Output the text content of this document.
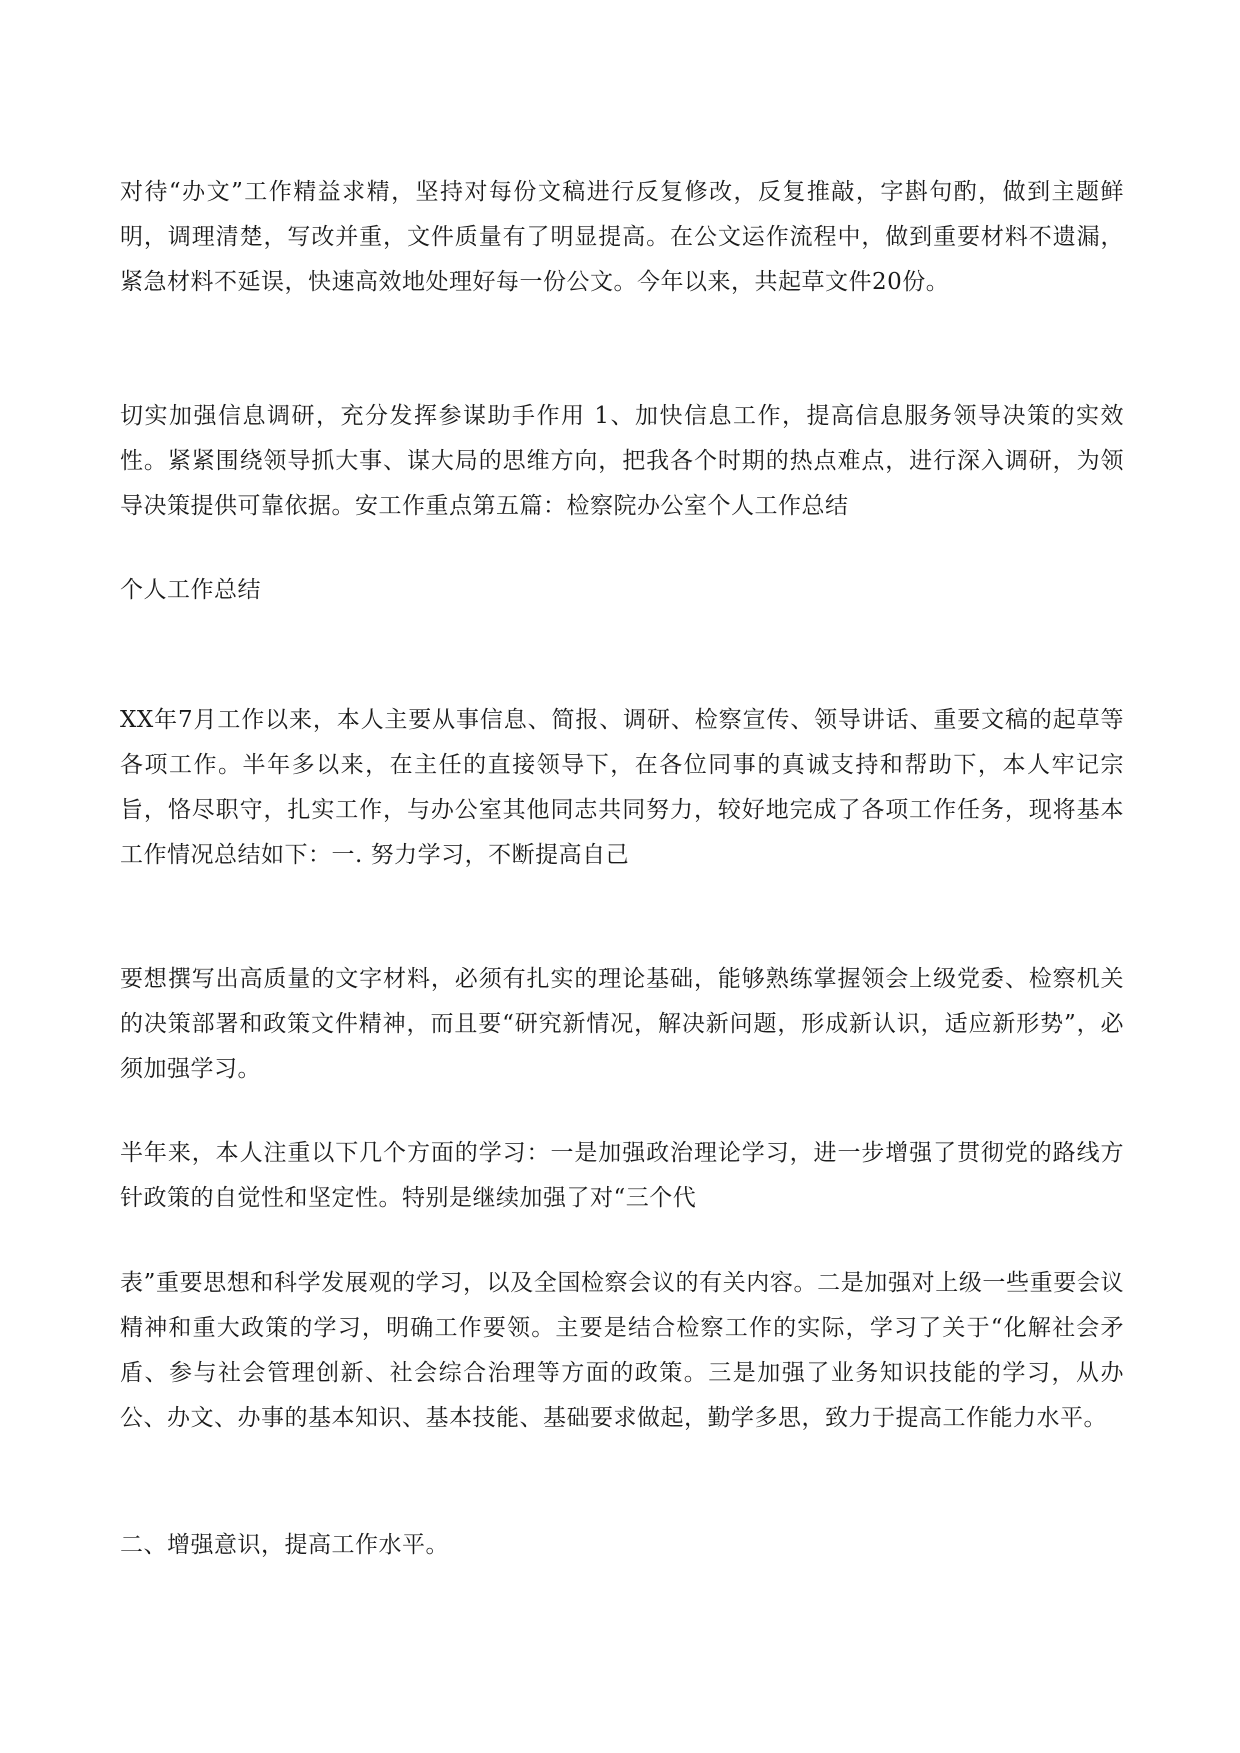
对待“办文”工作精益求精，坚持对每份文稿进行反复修改，反复推敲，字斟句酌，做到主题鲜明，调理清楚，写改并重，文件质量有了明显提高。在公文运作流程中，做到重要材料不遗漏，紧急材料不延误，快速高效地处理好每一份公文。今年以来，共起草文件20份。

切实加强信息调研，充分发挥参谋助手作用 1、加快信息工作，提高信息服务领导决策的实效性。紧紧围绕领导抓大事、谋大局的思维方向，把我各个时期的热点难点，进行深入调研，为领导决策提供可靠依据。安工作重点第五篇：检察院办公室个人工作总结

个人工作总结

XX年7月工作以来，本人主要从事信息、简报、调研、检察宣传、领导讲话、重要文稿的起草等各项工作。半年多以来，在主任的直接领导下，在各位同事的真诚支持和帮助下，本人牢记宗旨，恪尽职守，扎实工作，与办公室其他同志共同努力，较好地完成了各项工作任务，现将基本工作情况总结如下：一. 努力学习，不断提高自己

要想撰写出高质量的文字材料，必须有扎实的理论基础，能够熟练掌握领会上级党委、检察机关的决策部署和政策文件精神，而且要“研究新情况，解决新问题，形成新认识，适应新形势”，必须加强学习。

半年来，本人注重以下几个方面的学习：一是加强政治理论学习，进一步增强了贯彻党的路线方针政策的自觉性和坚定性。特别是继续加强了对“三个代

表”重要思想和科学发展观的学习，以及全国检察会议的有关内容。二是加强对上级一些重要会议精神和重大政策的学习，明确工作要领。主要是结合检察工作的实际，学习了关于“化解社会矛盾、参与社会管理创新、社会综合治理等方面的政策。三是加强了业务知识技能的学习，从办公、办文、办事的基本知识、基本技能、基础要求做起，勤学多思，致力于提高工作能力水平。

二、增强意识，提高工作水平。
